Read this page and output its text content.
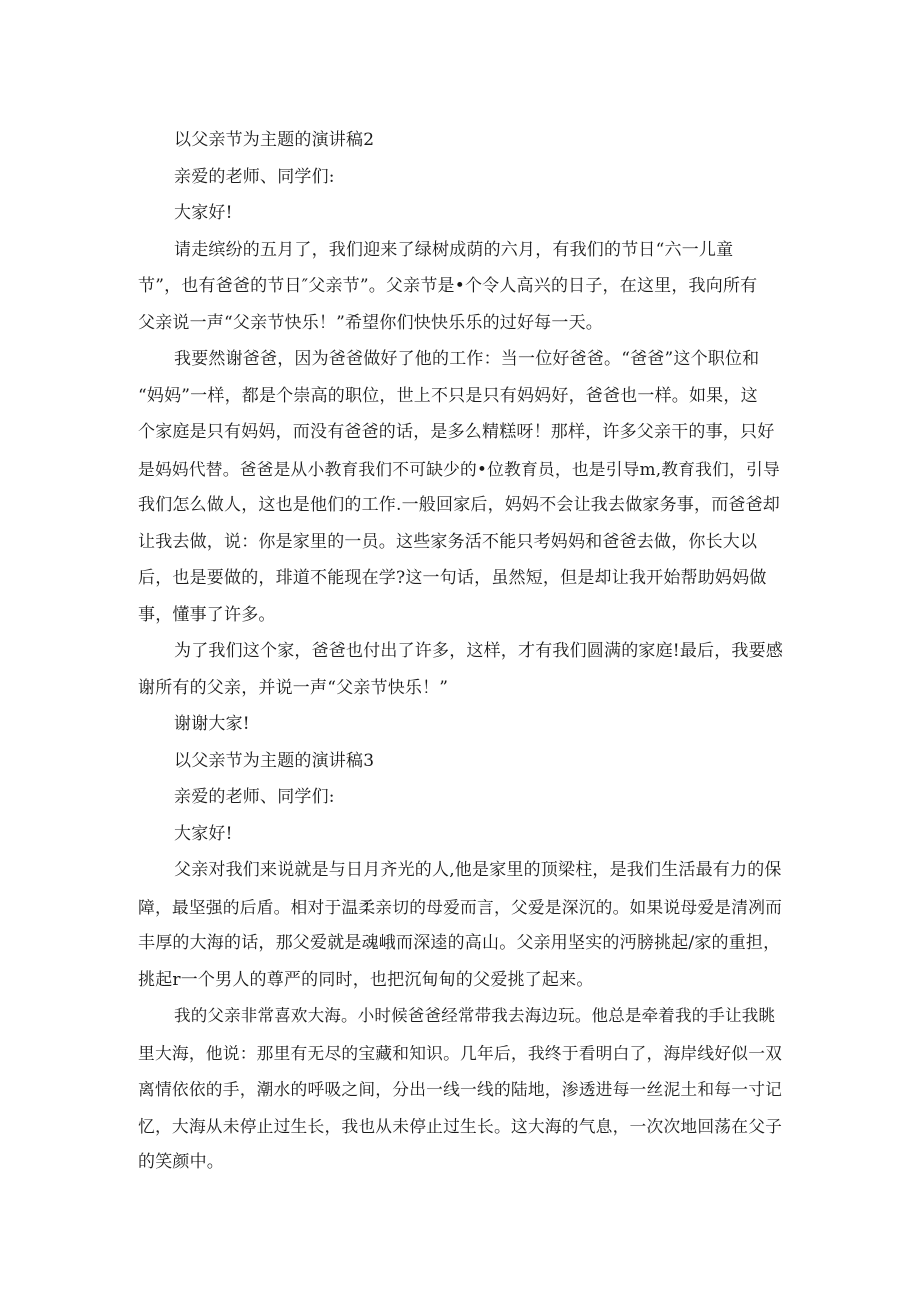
以父亲节为主题的演讲稿2

亲爱的老师、同学们:

大家好!

请走缤纷的五月了，我们迎来了绿树成荫的六月，有我们的节日“六一儿童

节”，也有爸爸的节日″父亲节”。父亲节是•个令人高兴的日子，在这里，我向所有

父亲说一声“父亲节快乐！”希望你们快快乐乐的过好每一天。

我要然谢爸爸，因为爸爸做好了他的工作：当一位好爸爸。“爸爸”这个职位和

“妈妈”一样，都是个崇高的职位，世上不只是只有妈妈好，爸爸也一样。如果，这

个家庭是只有妈妈，而没有爸爸的话，是多么精糕呀！那样，许多父亲干的事，只好

是妈妈代替。爸爸是从小教育我们不可缺少的•位教育员，也是引导m,教育我们，引导

我们怎么做人，这也是他们的工作.一般回家后，妈妈不会让我去做家务事，而爸爸却

让我去做，说：你是家里的一员。这些家务活不能只考妈妈和爸爸去做，你长大以

后，也是要做的，琲道不能现在学?这一句话，虽然短，但是却让我开始帮助妈妈做

事，懂事了许多。

为了我们这个家，爸爸也付出了许多，这样，才有我们圆满的家庭!最后，我要感

谢所有的父亲，并说一声“父亲节快乐！”

谢谢大家!

以父亲节为主题的演讲稿3

亲爱的老师、同学们:

大家好!

父亲对我们来说就是与日月齐光的人,他是家里的顶梁柱，是我们生活最有力的保

障，最坚强的后盾。相对于温柔亲切的母爱而言，父爱是深沉的。如果说母爱是清冽而

丰厚的大海的话，那父爱就是魂峨而深逵的高山。父亲用坚实的沔膀挑起/家的重担，

挑起r一个男人的尊严的同时，也把沉甸甸的父爱挑了起来。

我的父亲非常喜欢大海。小时候爸爸经常带我去海边玩。他总是牵着我的手让我眺

里大海，他说：那里有无尽的宝藏和知识。几年后，我终于看明白了，海岸线好似一双

离情依依的手，潮水的呼吸之间，分出一线一线的陆地，渗透进每一丝泥土和每一寸记

忆，大海从未停止过生长，我也从未停止过生长。这大海的气息，一次次地回荡在父子

的笑颜中。
